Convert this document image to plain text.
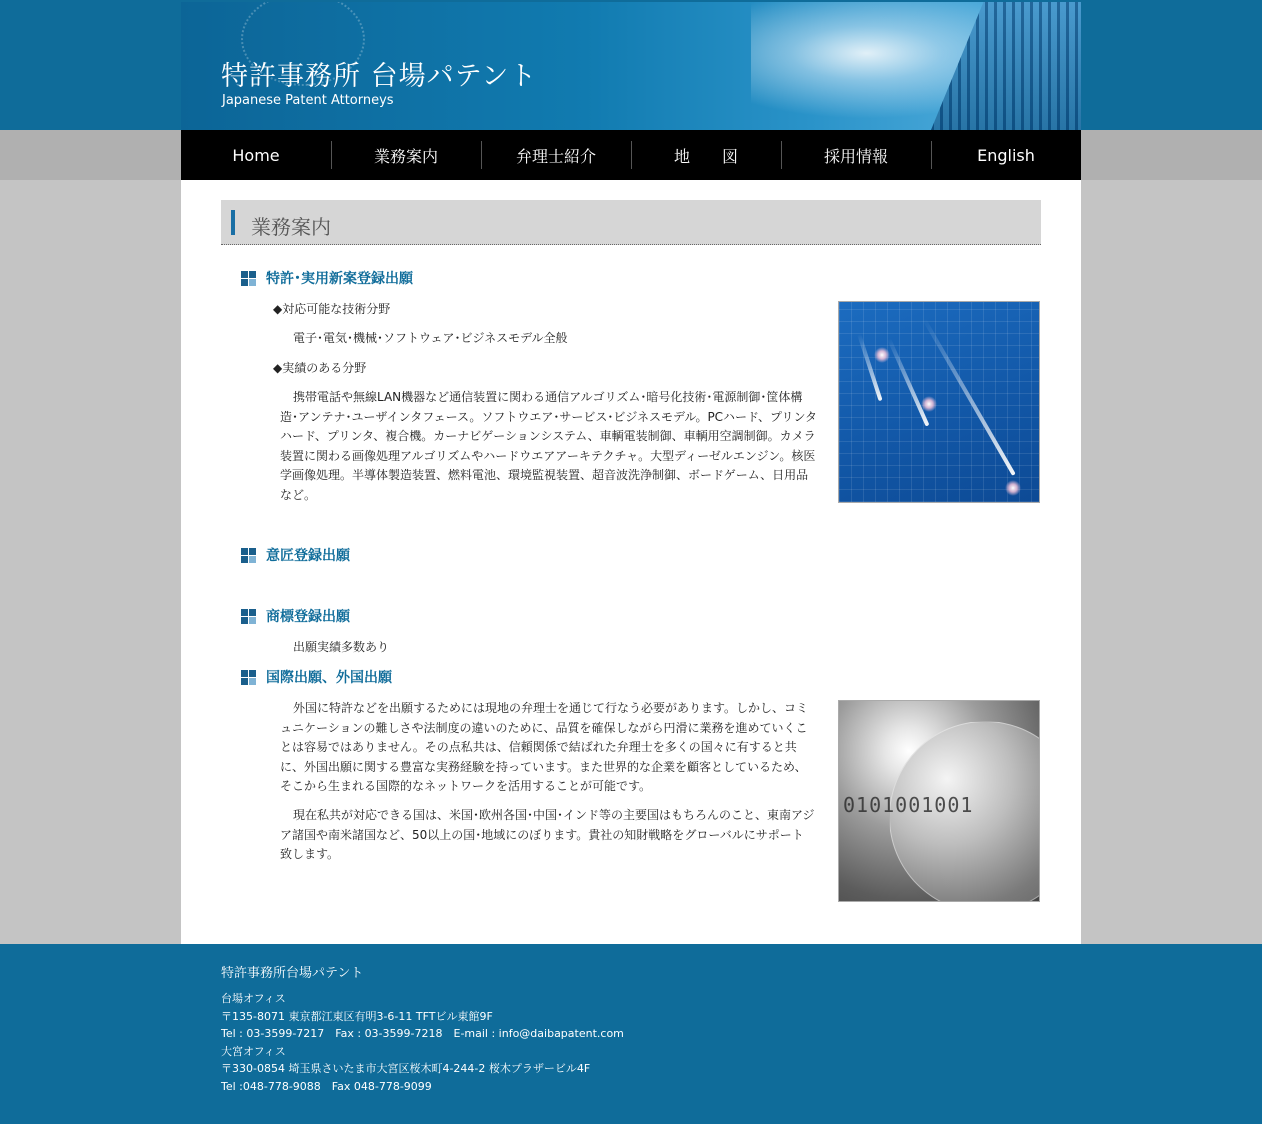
特許事務所 台場パテント

Japanese Patent Attorneys

Home	業務案内	弁理士紹介	地　　図	採用情報	English
業務案内
特許･実用新案登録出願

◆対応可能な技術分野

電子･電気･機械･ソフトウェア･ビジネスモデル全般

◆実績のある分野

携帯電話や無線LAN機器など通信装置に関わる通信アルゴリズム･暗号化技術･電源制御･筐体構造･アンテナ･ユーザインタフェース。ソフトウエア･サービス･ビジネスモデル。PCハード、プリンタハード、プリンタ、複合機。カーナビゲーションシステム、車輌電装制御、車輌用空調制御。カメラ装置に関わる画像処理アルゴリズムやハードウエアアーキテクチャ。大型ディーゼルエンジン。核医学画像処理。半導体製造装置、燃料電池、環境監視装置、超音波洗浄制御、ボードゲーム、日用品など。

意匠登録出願
商標登録出願

出願実績多数あり

国際出願、外国出願

外国に特許などを出願するためには現地の弁理士を通じて行なう必要があります。しかし、コミュニケーションの難しさや法制度の違いのために、品質を確保しながら円滑に業務を進めていくことは容易ではありません。その点私共は、信頼関係で結ばれた弁理士を多くの国々に有すると共に、外国出願に関する豊富な実務経験を持っています。また世界的な企業を顧客としているため、そこから生まれる国際的なネットワークを活用することが可能です。

現在私共が対応できる国は、米国･欧州各国･中国･インド等の主要国はもちろんのこと、東南アジア諸国や南米諸国など、50以上の国･地域にのぼります。貴社の知財戦略をグローバルにサポート致します。

0101001001

特許事務所台場パテント

台場オフィス
〒135-8071 東京都江東区有明3-6-11 TFTビル東館9F
Tel : 03-3599-7217　Fax : 03-3599-7218　E-mail : info@daibapatent.com
大宮オフィス
〒330-0854 埼玉県さいたま市大宮区桜木町4-244-2 桜木プラザービル4F
Tel :048-778-9088　Fax 048-778-9099
